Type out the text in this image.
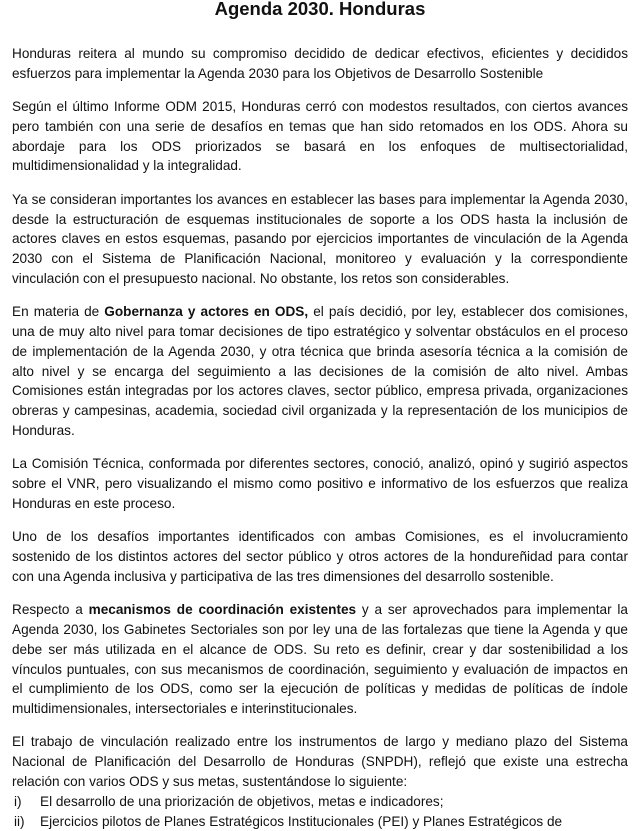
Agenda 2030. Honduras

Honduras reitera al mundo su compromiso decidido de dedicar efectivos, eficientes y decididos esfuerzos para implementar la Agenda 2030 para los Objetivos de Desarrollo Sostenible

Según el último Informe ODM 2015, Honduras cerró con modestos resultados, con ciertos avances pero también con una serie de desafíos en temas que han sido retomados en los ODS. Ahora su abordaje para los ODS priorizados se basará en los enfoques de multisectorialidad, multidimensionalidad y la integralidad.

Ya se consideran importantes los avances en establecer las bases para implementar la Agenda 2030, desde la estructuración de esquemas institucionales de soporte a los ODS hasta la inclusión de actores claves en estos esquemas, pasando por ejercicios importantes de vinculación de la Agenda 2030 con el Sistema de Planificación Nacional, monitoreo y evaluación y la correspondiente vinculación con el presupuesto nacional. No obstante, los retos son considerables.

En materia de Gobernanza y actores en ODS, el país decidió, por ley, establecer dos comisiones, una de muy alto nivel para tomar decisiones de tipo estratégico y solventar obstáculos en el proceso de implementación de la Agenda 2030, y otra técnica que brinda asesoría técnica a la comisión de alto nivel y se encarga del seguimiento a las decisiones de la comisión de alto nivel. Ambas Comisiones están integradas por los actores claves, sector público, empresa privada, organizaciones obreras y campesinas, academia, sociedad civil organizada y la representación de los municipios de Honduras.

La Comisión Técnica, conformada por diferentes sectores, conoció, analizó, opinó y sugirió aspectos sobre el VNR, pero visualizando el mismo como positivo e informativo de los esfuerzos que realiza Honduras en este proceso.

Uno de los desafíos importantes identificados con ambas Comisiones, es el involucramiento sostenido de los distintos actores del sector público y otros actores de la hondureñidad para contar con una Agenda inclusiva y participativa de las tres dimensiones del desarrollo sostenible.

Respecto a mecanismos de coordinación existentes y a ser aprovechados para implementar la Agenda 2030, los Gabinetes Sectoriales son por ley una de las fortalezas que tiene la Agenda y que debe ser más utilizada en el alcance de ODS. Su reto es definir, crear y dar sostenibilidad a los vínculos puntuales, con sus mecanismos de coordinación, seguimiento y evaluación de impactos en el cumplimiento de los ODS, como ser la ejecución de políticas y medidas de políticas de índole multidimensionales, intersectoriales e interinstitucionales.

El trabajo de vinculación realizado entre los instrumentos de largo y mediano plazo del Sistema Nacional de Planificación del Desarrollo de Honduras (SNPDH), reflejó que existe una estrecha relación con varios ODS y sus metas, sustentándose lo siguiente:

i)	El desarrollo de una priorización de objetivos, metas e indicadores;
ii)	Ejercicios pilotos de Planes Estratégicos Institucionales (PEI) y Planes Estratégicos de
